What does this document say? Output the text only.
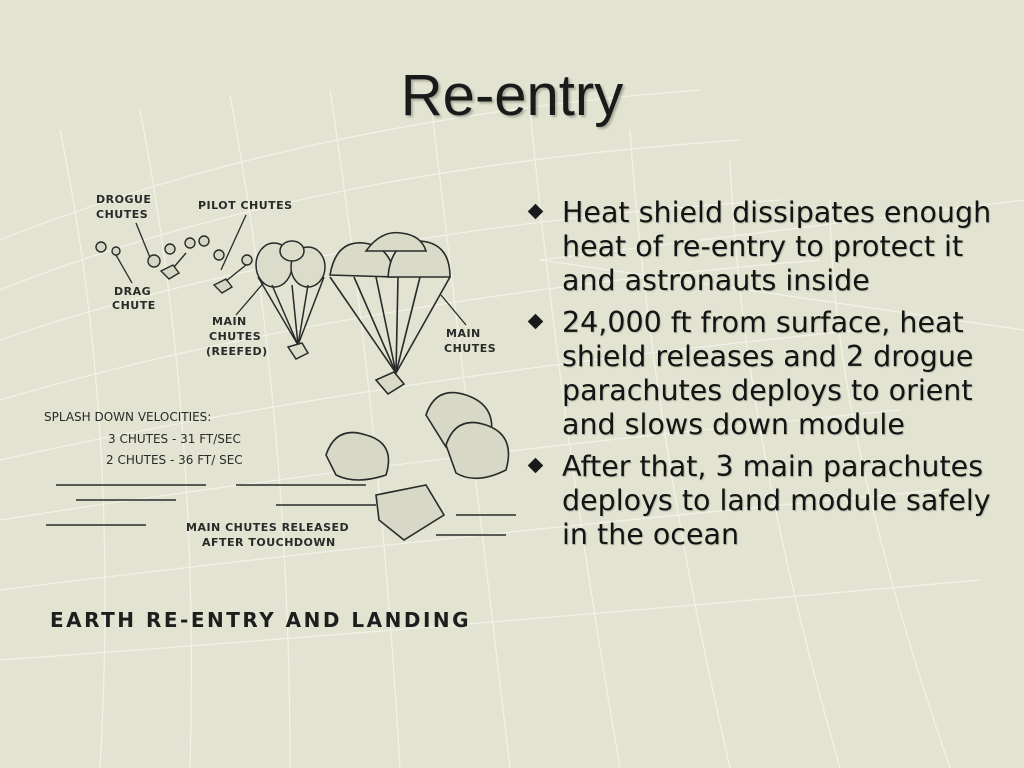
Re-entry
DROGUE
CHUTES
PILOT CHUTES
DRAG
CHUTE
MAIN
CHUTES
(REEFED)
MAIN
CHUTES
SPLASH DOWN VELOCITIES:
3 CHUTES - 31 FT/SEC
2 CHUTES - 36 FT/ SEC
MAIN CHUTES RELEASED
AFTER TOUCHDOWN
EARTH RE-ENTRY AND LANDING
Heat shield dissipates enough heat of re-entry to protect it and astronauts inside
24,000 ft from surface, heat shield releases and 2 drogue parachutes deploys to orient and slows down module
After that, 3 main parachutes deploys to land module safely in the ocean
